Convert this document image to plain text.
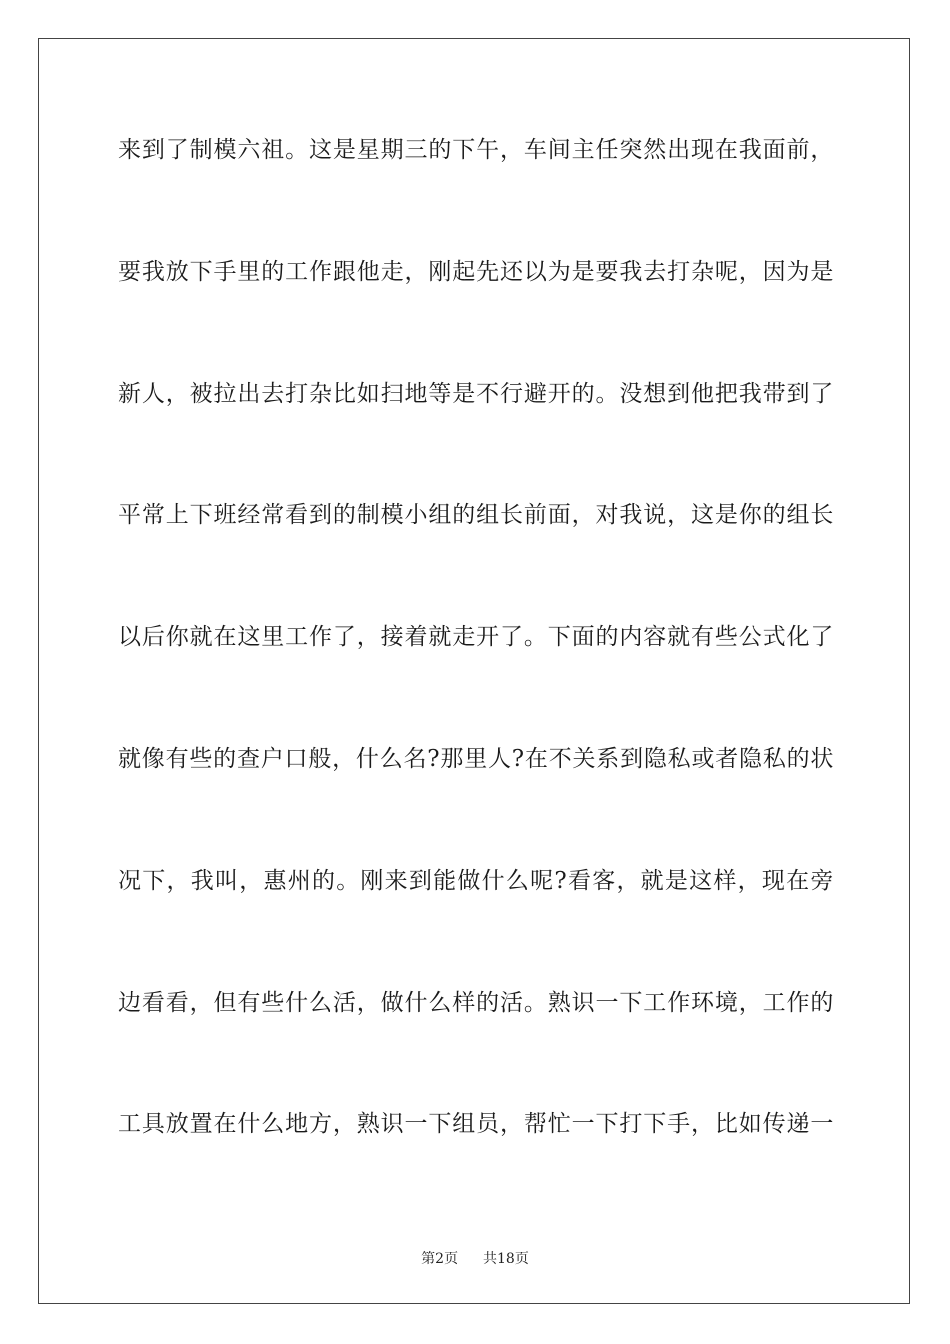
来到了制模六祖。这是星期三的下午，车间主任突然出现在我面前，
要我放下手里的工作跟他走，刚起先还以为是要我去打杂呢，因为是
新人，被拉出去打杂比如扫地等是不行避开的。没想到他把我带到了
平常上下班经常看到的制模小组的组长前面，对我说，这是你的组长
以后你就在这里工作了，接着就走开了。下面的内容就有些公式化了
就像有些的查户口般，什么名?那里人?在不关系到隐私或者隐私的状
况下，我叫，惠州的。刚来到能做什么呢?看客，就是这样，现在旁
边看看，但有些什么活，做什么样的活。熟识一下工作环境，工作的
工具放置在什么地方，熟识一下组员，帮忙一下打下手，比如传递一
第2页 共18页
